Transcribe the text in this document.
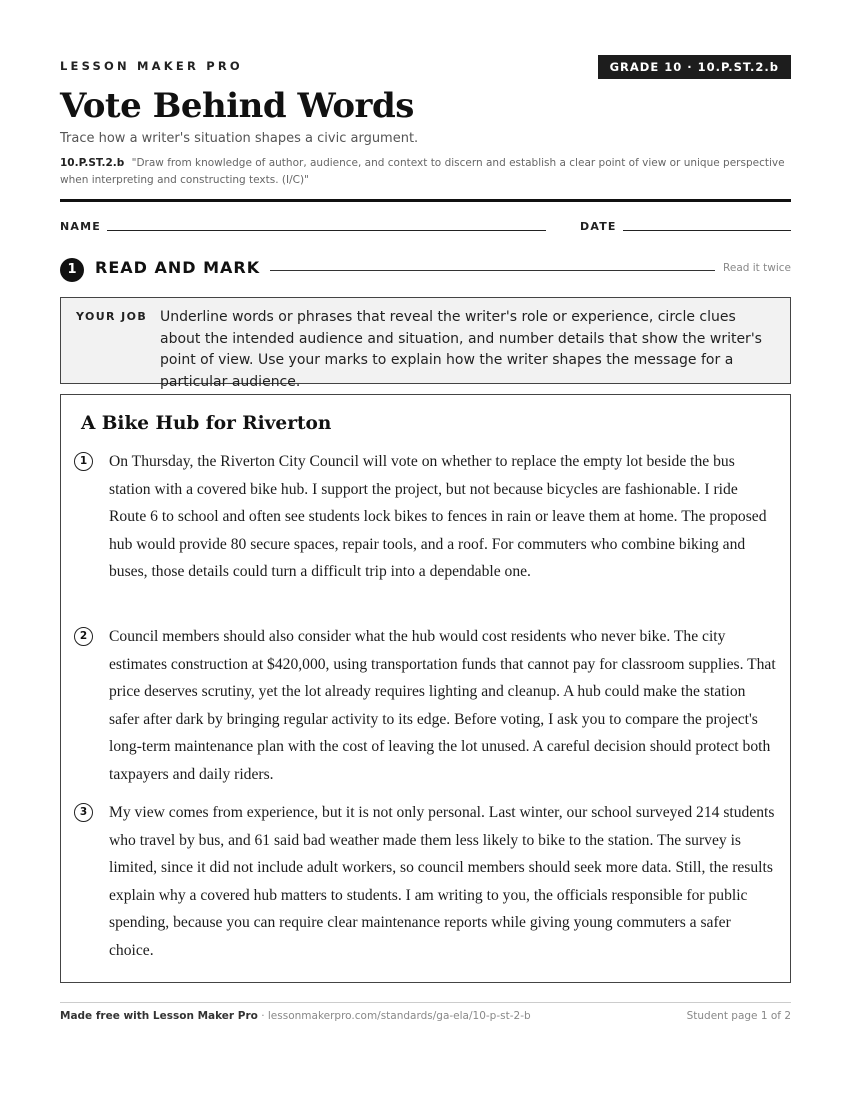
LESSON MAKER PRO	GRADE 10 · 10.P.ST.2.b
Vote Behind Words
Trace how a writer's situation shapes a civic argument.
10.P.ST.2.b "Draw from knowledge of author, audience, and context to discern and establish a clear point of view or unique perspective when interpreting and constructing texts. (I/C)"
NAME	DATE
1	READ AND MARK	Read it twice
YOUR JOB Underline words or phrases that reveal the writer's role or experience, circle clues about the intended audience and situation, and number details that show the writer's point of view. Use your marks to explain how the writer shapes the message for a particular audience.
A Bike Hub for Riverton
1	On Thursday, the Riverton City Council will vote on whether to replace the empty lot beside the bus station with a covered bike hub. I support the project, but not because bicycles are fashionable. I ride Route 6 to school and often see students lock bikes to fences in rain or leave them at home. The proposed hub would provide 80 secure spaces, repair tools, and a roof. For commuters who combine biking and buses, those details could turn a difficult trip into a dependable one.
2	Council members should also consider what the hub would cost residents who never bike. The city estimates construction at $420,000, using transportation funds that cannot pay for classroom supplies. That price deserves scrutiny, yet the lot already requires lighting and cleanup. A hub could make the station safer after dark by bringing regular activity to its edge. Before voting, I ask you to compare the project's long-term maintenance plan with the cost of leaving the lot unused. A careful decision should protect both taxpayers and daily riders.
3	My view comes from experience, but it is not only personal. Last winter, our school surveyed 214 students who travel by bus, and 61 said bad weather made them less likely to bike to the station. The survey is limited, since it did not include adult workers, so council members should seek more data. Still, the results explain why a covered hub matters to students. I am writing to you, the officials responsible for public spending, because you can require clear maintenance reports while giving young commuters a safer choice.
Made free with Lesson Maker Pro · lessonmakerpro.com/standards/ga-ela/10-p-st-2-b	Student page 1 of 2
